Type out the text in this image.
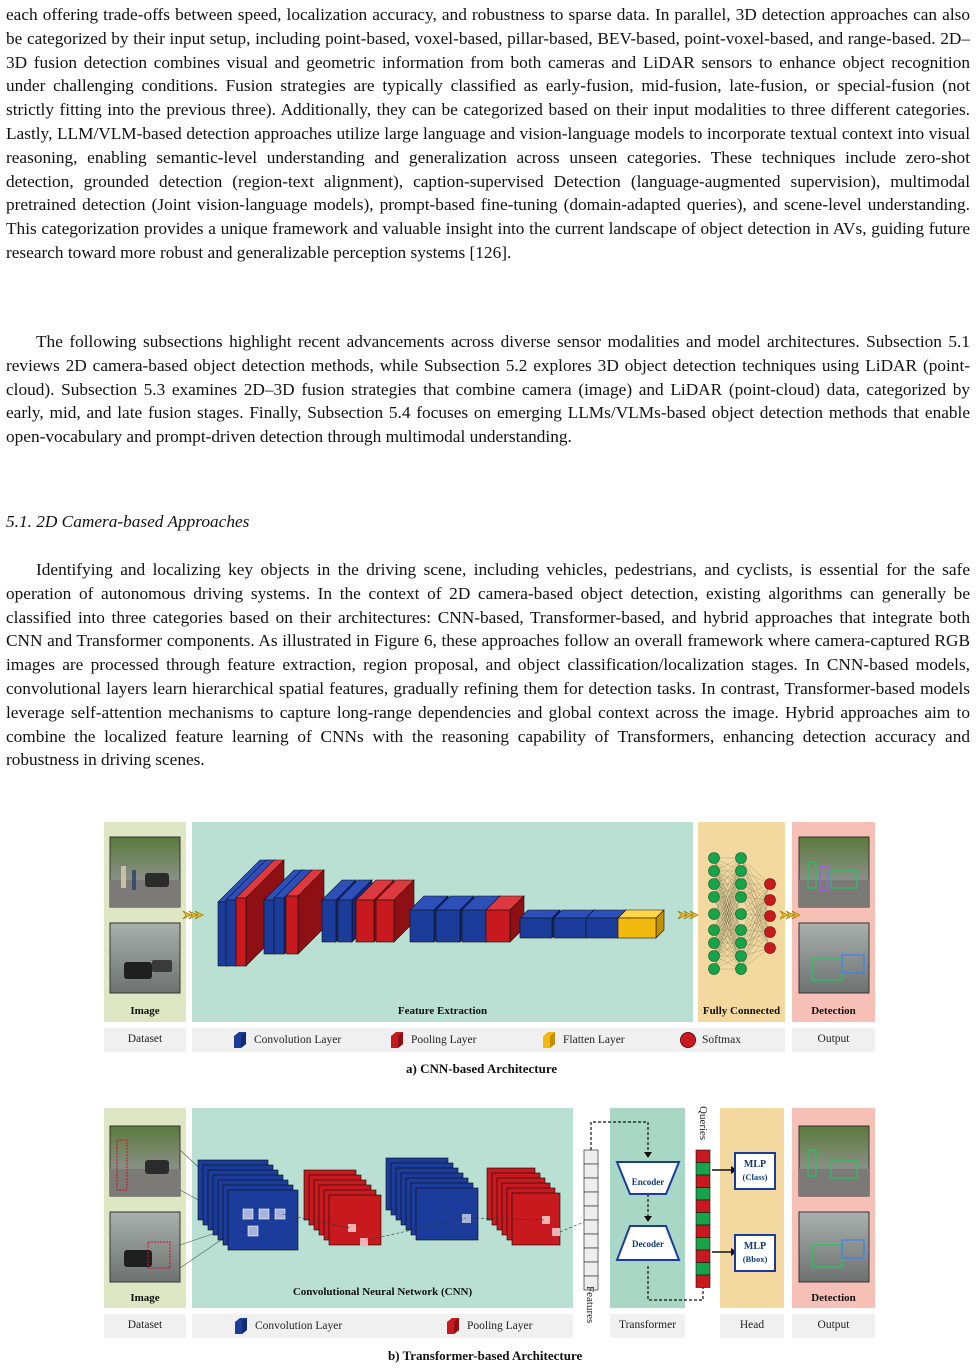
each offering trade-offs between speed, localization accuracy, and robustness to sparse data. In parallel, 3D detection approaches can also be categorized by their input setup, including point-based, voxel-based, pillar-based, BEV-based, point-voxel-based, and range-based. 2D–3D fusion detection combines visual and geometric information from both cameras and LiDAR sensors to enhance object recognition under challenging conditions. Fusion strategies are typically classified as early-fusion, mid-fusion, late-fusion, or special-fusion (not strictly fitting into the previous three). Additionally, they can be categorized based on their input modalities to three different categories. Lastly, LLM/VLM-based detection approaches utilize large language and vision-language models to incorporate textual context into visual reasoning, enabling semantic-level understanding and generalization across unseen categories. These techniques include zero-shot detection, grounded detection (region-text alignment), caption-supervised Detection (language-augmented supervision), multimodal pretrained detection (Joint vision-language models), prompt-based fine-tuning (domain-adapted queries), and scene-level understanding. This categorization provides a unique framework and valuable insight into the current landscape of object detection in AVs, guiding future research toward more robust and generalizable perception systems [126].

The following subsections highlight recent advancements across diverse sensor modalities and model architectures. Subsection 5.1 reviews 2D camera-based object detection methods, while Subsection 5.2 explores 3D object detection techniques using LiDAR (point-cloud). Subsection 5.3 examines 2D–3D fusion strategies that combine camera (image) and LiDAR (point-cloud) data, categorized by early, mid, and late fusion stages. Finally, Subsection 5.4 focuses on emerging LLMs/VLMs-based object detection methods that enable open-vocabulary and prompt-driven detection through multimodal understanding.

5.1. 2D Camera-based Approaches

Identifying and localizing key objects in the driving scene, including vehicles, pedestrians, and cyclists, is essential for the safe operation of autonomous driving systems. In the context of 2D camera-based object detection, existing algorithms can generally be classified into three categories based on their architectures: CNN-based, Transformer-based, and hybrid approaches that integrate both CNN and Transformer components. As illustrated in Figure 6, these approaches follow an overall framework where camera-captured RGB images are processed through feature extraction, region proposal, and object classification/localization stages. In CNN-based models, convolutional layers learn hierarchical spatial features, gradually refining them for detection tasks. In contrast, Transformer-based models leverage self-attention mechanisms to capture long-range dependencies and global context across the image. Hybrid approaches aim to combine the localized feature learning of CNNs with the reasoning capability of Transformers, enhancing detection accuracy and robustness in driving scenes.

Image	Feature Extraction	Fully Connected	Detection
Dataset	Output
Convolution Layer	Pooling Layer	Flatten Layer	Softmax
a) CNN-based Architecture
Image	Convolutional Neural Network (CNN)	Detection
Encoder
Decoder
MLP
(Class)
MLP
(Bbox)
Queries
Features
Dataset	Transformer	Head	Output
Convolution Layer	Pooling Layer
b) Transformer-based Architecture
